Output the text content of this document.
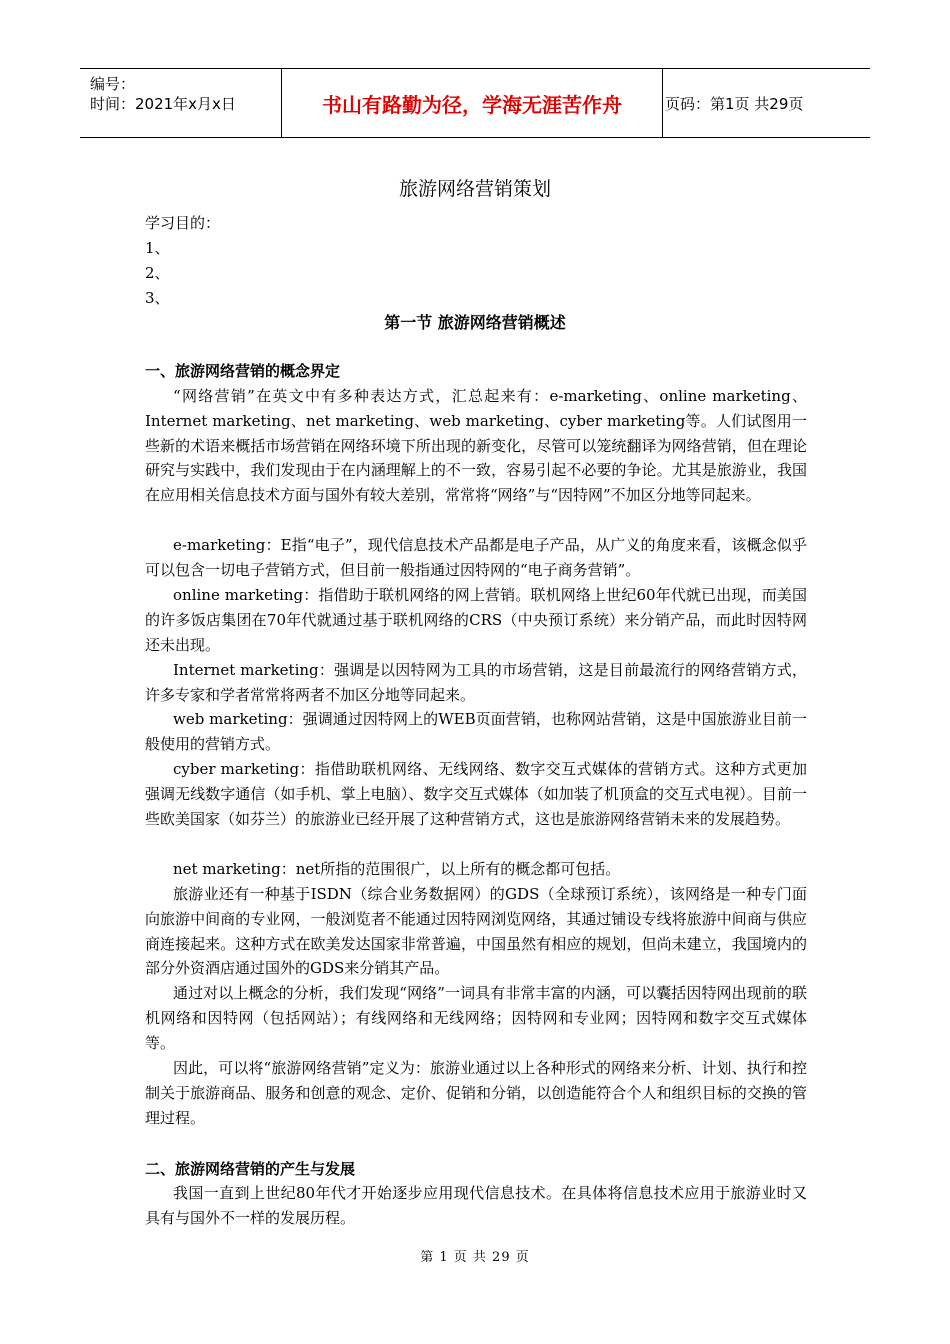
编号：
时间：2021年x月x日	书山有路勤为径，学海无涯苦作舟	页码：第1页 共29页
旅游网络营销策划
学习目的：
1、
2、
3、
第一节 旅游网络营销概述
一、旅游网络营销的概念界定

“网络营销”在英文中有多种表达方式，汇总起来有：e-marketing、online marketing、Internet marketing、net marketing、web marketing、cyber marketing等。人们试图用一些新的术语来概括市场营销在网络环境下所出现的新变化，尽管可以笼统翻译为网络营销，但在理论研究与实践中，我们发现由于在内涵理解上的不一致，容易引起不必要的争论。尤其是旅游业，我国在应用相关信息技术方面与国外有较大差别，常常将“网络”与“因特网”不加区分地等同起来。

e-marketing：E指“电子”，现代信息技术产品都是电子产品，从广义的角度来看，该概念似乎可以包含一切电子营销方式，但目前一般指通过因特网的“电子商务营销”。

online marketing：指借助于联机网络的网上营销。联机网络上世纪60年代就已出现，而美国的许多饭店集团在70年代就通过基于联机网络的CRS（中央预订系统）来分销产品，而此时因特网还未出现。

Internet marketing：强调是以因特网为工具的市场营销，这是目前最流行的网络营销方式，许多专家和学者常常将两者不加区分地等同起来。

web marketing：强调通过因特网上的WEB页面营销，也称网站营销，这是中国旅游业目前一般使用的营销方式。

cyber marketing：指借助联机网络、无线网络、数字交互式媒体的营销方式。这种方式更加强调无线数字通信（如手机、掌上电脑）、数字交互式媒体（如加装了机顶盒的交互式电视）。目前一些欧美国家（如芬兰）的旅游业已经开展了这种营销方式，这也是旅游网络营销未来的发展趋势。

net marketing：net所指的范围很广，以上所有的概念都可包括。

旅游业还有一种基于ISDN（综合业务数据网）的GDS（全球预订系统），该网络是一种专门面向旅游中间商的专业网，一般浏览者不能通过因特网浏览网络，其通过铺设专线将旅游中间商与供应商连接起来。这种方式在欧美发达国家非常普遍，中国虽然有相应的规划，但尚未建立，我国境内的部分外资酒店通过国外的GDS来分销其产品。

通过对以上概念的分析，我们发现“网络”一词具有非常丰富的内涵，可以囊括因特网出现前的联机网络和因特网（包括网站）；有线网络和无线网络；因特网和专业网；因特网和数字交互式媒体等。

因此，可以将“旅游网络营销”定义为：旅游业通过以上各种形式的网络来分析、计划、执行和控制关于旅游商品、服务和创意的观念、定价、促销和分销，以创造能符合个人和组织目标的交换的管理过程。

二、旅游网络营销的产生与发展

我国一直到上世纪80年代才开始逐步应用现代信息技术。在具体将信息技术应用于旅游业时又具有与国外不一样的发展历程。

第 1 页 共 29 页
